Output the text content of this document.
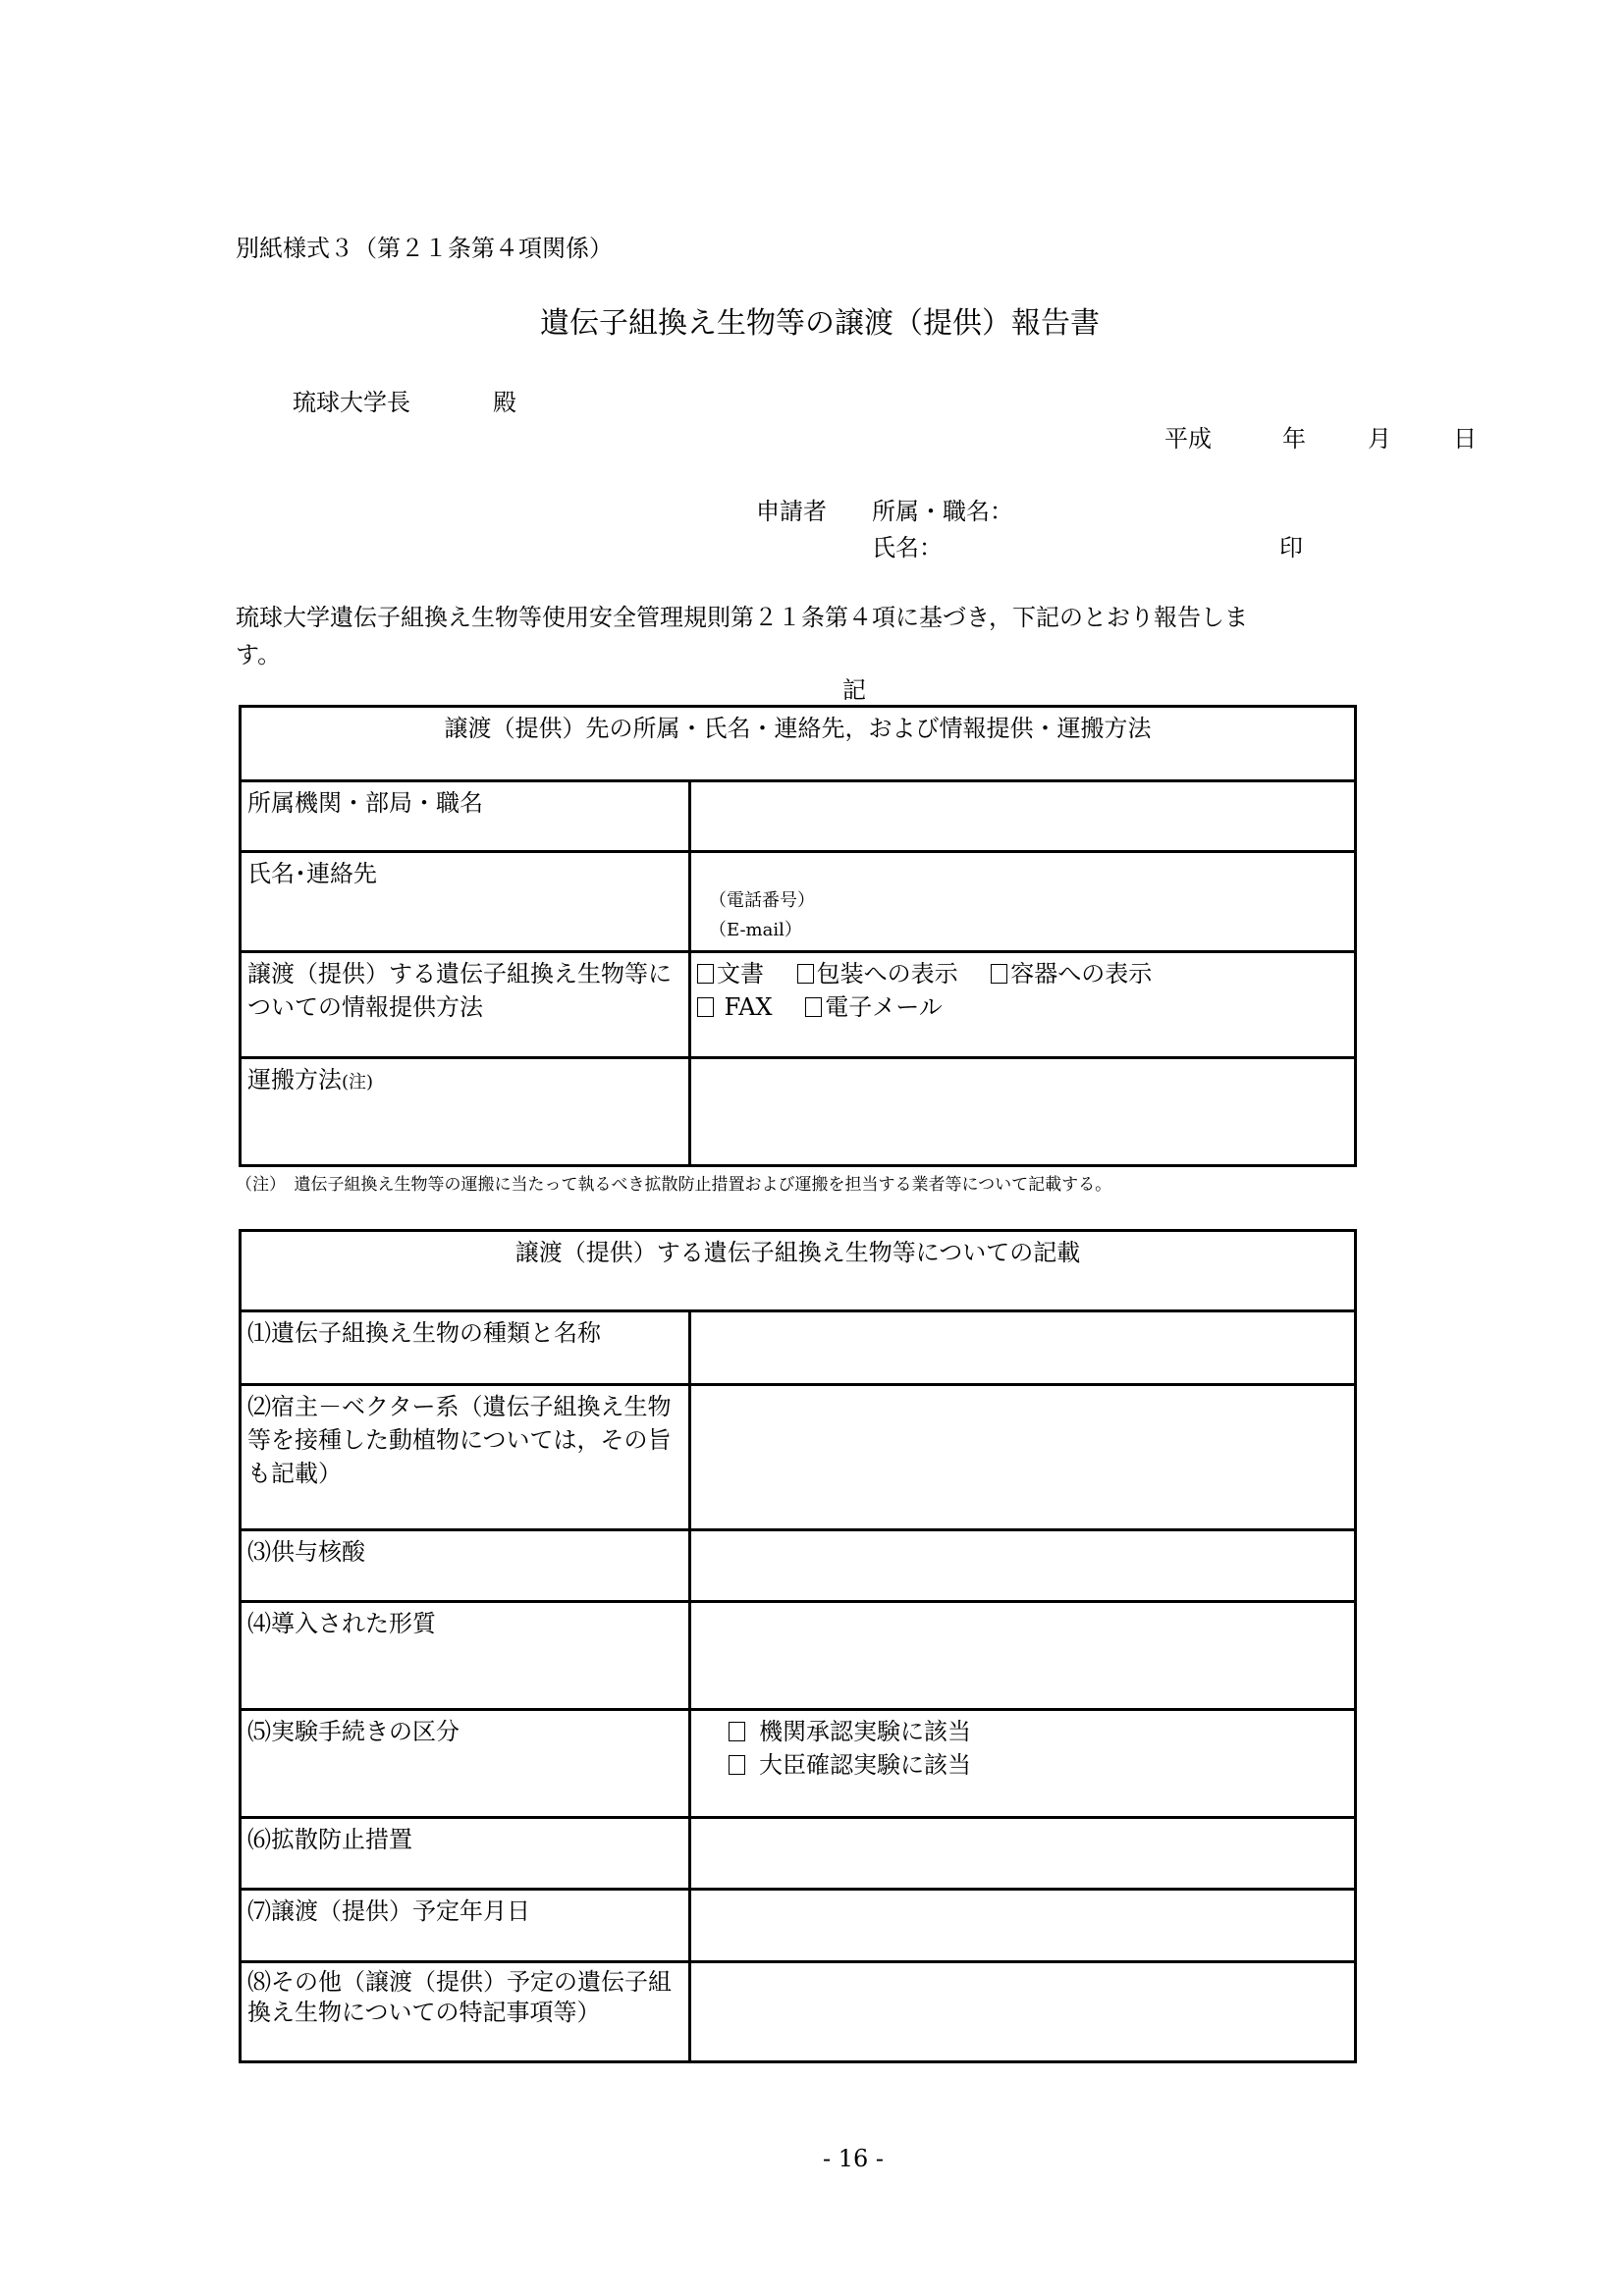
別紙様式３（第２１条第４項関係）
遺伝子組換え生物等の譲渡（提供）報告書
琉球大学長	殿
平成	年	月	日
申請者 所属・職名：
氏名：	印
琉球大学遺伝子組換え生物等使用安全管理規則第２１条第４項に基づき，下記のとおり報告しま
す。
記
譲渡（提供）先の所属・氏名・連絡先，および情報提供・運搬方法	
所属機関・部局・職名	
氏名･連絡先	（電話番号）
（E-mail）

譲渡（提供）する遺伝子組換え生物等についての情報提供方法	文書 包装への表示 容器への表示
FAX 電子メール

運搬方法(注)	
（注）　遺伝子組換え生物等の運搬に当たって執るべき拡散防止措置および運搬を担当する業者等について記載する。
譲渡（提供）する遺伝子組換え生物等についての記載	
⑴遺伝子組換え生物の種類と名称	
⑵宿主－ベクター系（遺伝子組換え生物等を接種した動植物については，その旨も記載）	
⑶供与核酸	
⑷導入された形質	
⑸実験手続きの区分	機関承認実験に該当
大臣確認実験に該当

⑹拡散防止措置	
⑺譲渡（提供）予定年月日	
⑻その他（譲渡（提供）予定の遺伝子組換え生物についての特記事項等）	
- 16 -
